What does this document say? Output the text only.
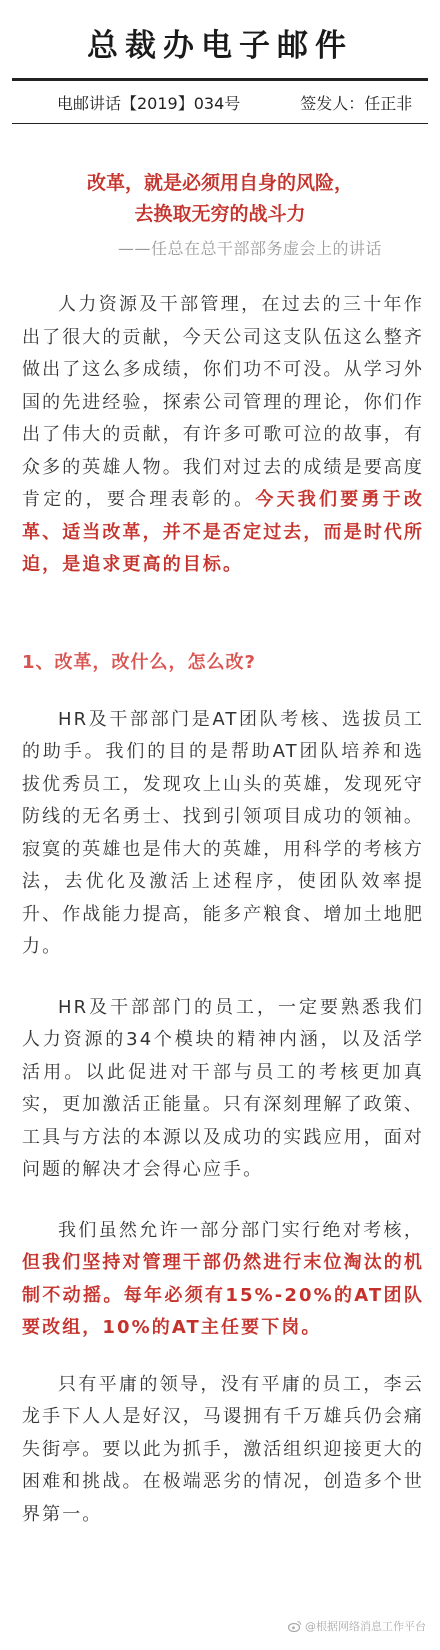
总裁办电子邮件
电邮讲话【2019】034号	签发人：任正非
改革，就是必须用自身的风险，
去换取无穷的战斗力
——任总在总干部部务虚会上的讲话

人力资源及干部管理，在过去的三十年作出了很大的贡献，今天公司这支队伍这么整齐做出了这么多成绩，你们功不可没。从学习外国的先进经验，探索公司管理的理论，你们作出了伟大的贡献，有许多可歌可泣的故事，有众多的英雄人物。我们对过去的成绩是要高度肯定的，要合理表彰的。今天我们要勇于改革、适当改革，并不是否定过去，而是时代所迫，是追求更高的目标。

1、改革，改什么，怎么改?

HR及干部部门是AT团队考核、选拔员工的助手。我们的目的是帮助AT团队培养和选拔优秀员工，发现攻上山头的英雄，发现死守防线的无名勇士、找到引领项目成功的领袖。寂寞的英雄也是伟大的英雄，用科学的考核方法，去优化及激活上述程序，使团队效率提升、作战能力提高，能多产粮食、增加土地肥力。

HR及干部部门的员工，一定要熟悉我们人力资源的34个模块的精神内涵，以及活学活用。以此促进对干部与员工的考核更加真实，更加激活正能量。只有深刻理解了政策、工具与方法的本源以及成功的实践应用，面对问题的解决才会得心应手。

我们虽然允许一部分部门实行绝对考核，但我们坚持对管理干部仍然进行末位淘汰的机制不动摇。每年必须有15%-20%的AT团队要改组，10%的AT主任要下岗。

只有平庸的领导，没有平庸的员工，李云龙手下人人是好汉，马谡拥有千万雄兵仍会痛失街亭。要以此为抓手，激活组织迎接更大的困难和挑战。在极端恶劣的情况，创造多个世界第一。

@根据网络消息工作平台
